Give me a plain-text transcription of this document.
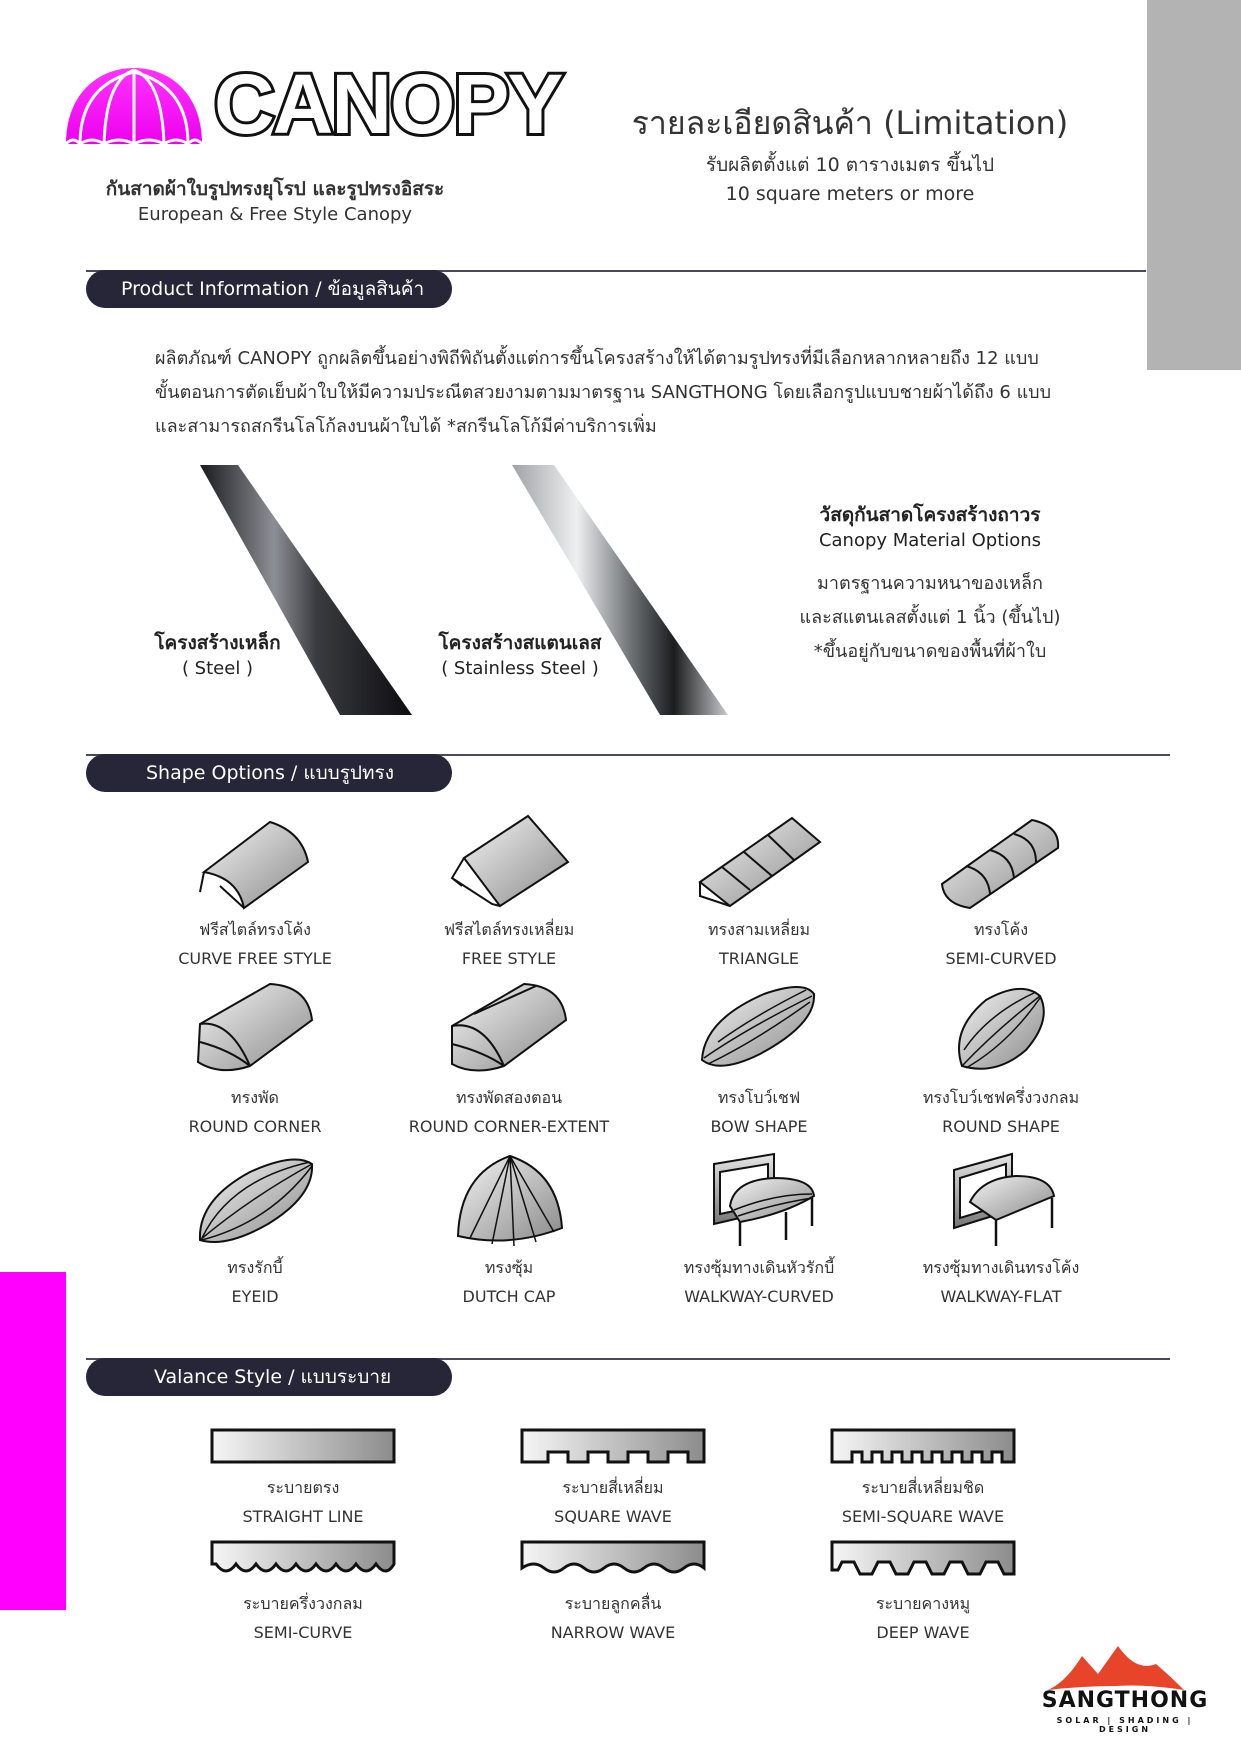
CANOPY
กันสาดผ้าใบรูปทรงยุโรป และรูปทรงอิสระ
European & Free Style Canopy
รายละเอียดสินค้า (Limitation)
รับผลิตตั้งแต่ 10 ตารางเมตร ขึ้นไป
10 square meters or more
Product Information / ข้อมูลสินค้า
ผลิตภัณฑ์ CANOPY ถูกผลิตขึ้นอย่างพิถีพิถันตั้งแต่การขึ้นโครงสร้างให้ได้ตามรูปทรงที่มีเลือกหลากหลายถึง 12 แบบ
ขั้นตอนการตัดเย็บผ้าใบให้มีความประณีตสวยงามตามมาตรฐาน SANGTHONG โดยเลือกรูปแบบชายผ้าได้ถึง 6 แบบ
และสามารถสกรีนโลโก้ลงบนผ้าใบได้ *สกรีนโลโก้มีค่าบริการเพิ่ม
โครงสร้างเหล็ก
( Steel )
โครงสร้างสแตนเลส
( Stainless Steel )
วัสดุกันสาดโครงสร้างถาวร
Canopy Material Options
มาตรฐานความหนาของเหล็ก
และสแตนเลสตั้งแต่ 1 นิ้ว (ขึ้นไป)
*ขึ้นอยู่กับขนาดของพื้นที่ผ้าใบ
Shape Options / แบบรูปทรง
ฟรีสไตล์ทรงโค้ง
CURVE FREE STYLE
ฟรีสไตล์ทรงเหลี่ยม
FREE STYLE
ทรงสามเหลี่ยม
TRIANGLE
ทรงโค้ง
SEMI-CURVED
ทรงพัด
ROUND CORNER
ทรงพัดสองตอน
ROUND CORNER-EXTENT
ทรงโบว์เชฟ
BOW SHAPE
ทรงโบว์เชฟครึ่งวงกลม
ROUND SHAPE
ทรงรักบี้
EYEID
ทรงซุ้ม
DUTCH CAP
ทรงซุ้มทางเดินหัวรักบี้
WALKWAY-CURVED
ทรงซุ้มทางเดินทรงโค้ง
WALKWAY-FLAT
Valance Style / แบบระบาย
ระบายตรง
STRAIGHT LINE
ระบายสี่เหลี่ยม
SQUARE WAVE
ระบายสี่เหลี่ยมชิด
SEMI-SQUARE WAVE
ระบายครึ่งวงกลม
SEMI-CURVE
ระบายลูกคลื่น
NARROW WAVE
ระบายคางหมู
DEEP WAVE
SANGTHONG
SOLAR | SHADING | DESIGN
